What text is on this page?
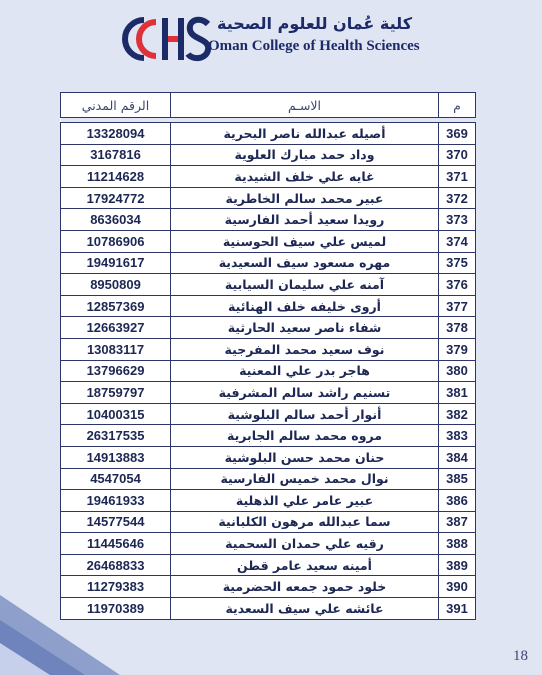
كلية عُمان للعلوم الصحية
Oman College of Health Sciences
م	الاسـم	الرقم المدني

369	أصيله عبدالله ناصر البحرية	13328094
370	وداد حمد مبارك العلوية	3167816
371	غايه علي خلف الشيدية	11214628
372	عبير محمد سالم الخاطرية	17924772
373	رويدا سعيد أحمد الفارسية	8636034
374	لميس علي سيف الحوسنية	10786906
375	مهره مسعود سيف السعيدية	19491617
376	آمنه علي سليمان السيابية	8950809
377	أروى خليفه خلف الهنائية	12857369
378	شفاء ناصر سعيد الحارثية	12663927
379	نوف سعيد محمد المفرجية	13083117
380	هاجر بدر علي المعنية	13796629
381	تسنيم راشد سالم المشرفية	18759797
382	أنوار أحمد سالم البلوشية	10400315
383	مروه محمد سالم الجابرية	26317535
384	حنان محمد حسن البلوشية	14913883
385	نوال محمد خميس الفارسية	4547054
386	عبير عامر علي الذهلية	19461933
387	سما عبدالله مرهون الكلبانية	14577544
388	رقيه علي حمدان السحمية	11445646
389	أمينه سعيد عامر قطن	26468833
390	خلود حمود جمعه الحضرمية	11279383
391	عائشه علي سيف السعدية	11970389
18
